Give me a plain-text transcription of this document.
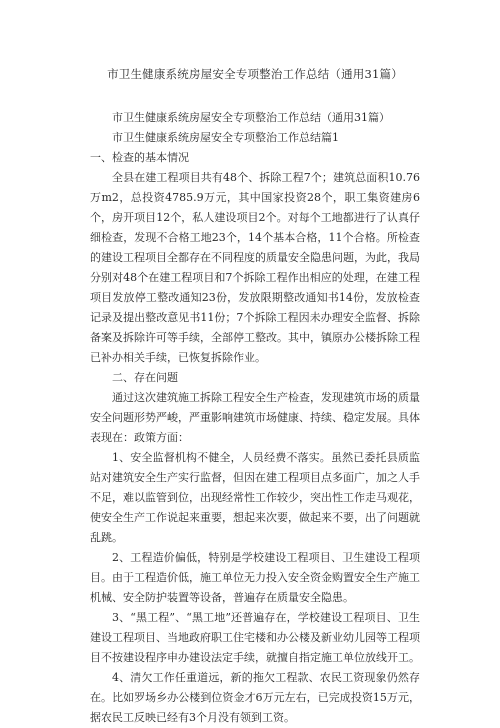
市卫生健康系统房屋安全专项整治工作总结（通用31篇）

市卫生健康系统房屋安全专项整治工作总结（通用31篇）

市卫生健康系统房屋安全专项整治工作总结篇1

一、检查的基本情况

全县在建工程项目共有48个、拆除工程7个；建筑总面积10.76万m2，总投资4785.9万元，其中国家投资28个，职工集资建房6个，房开项目12个，私人建设项目2个。对每个工地都进行了认真仔细检查，发现不合格工地23个，14个基本合格，11个合格。所检查的建设工程项目全都存在不同程度的质量安全隐患问题，为此，我局分别对48个在建工程项目和7个拆除工程作出相应的处理，在建工程项目发放停工整改通知23份，发放限期整改通知书14份，发放检查记录及提出整改意见书11份；7个拆除工程因未办理安全监督、拆除备案及拆除许可等手续，全部停工整改。其中，镇原办公楼拆除工程已补办相关手续，已恢复拆除作业。

二、存在问题

通过这次建筑施工拆除工程安全生产检查，发现建筑市场的质量安全问题形势严峻，严重影响建筑市场健康、持续、稳定发展。具体表现在：政策方面：

1、安全监督机构不健全，人员经费不落实。虽然已委托县质监站对建筑安全生产实行监督，但因在建工程项目点多面广，加之人手不足，难以监管到位，出现经常性工作较少，突出性工作走马观花，使安全生产工作说起来重要，想起来次要，做起来不要，出了问题就乱跳。

2、工程造价偏低，特别是学校建设工程项目、卫生建设工程项目。由于工程造价低，施工单位无力投入安全资金购置安全生产施工机械、安全防护装置等设备，普遍存在质量安全隐患。

3、“黑工程”、“黑工地”还普遍存在，学校建设工程项目、卫生建设工程项目、当地政府职工住宅楼和办公楼及新业幼儿园等工程项目不按建设程序申办建设法定手续，就擅自指定施工单位放线开工。

4、清欠工作任重道远，新的拖欠工程款、农民工资现象仍然存在。比如罗场乡办公楼到位资金才6万元左右，已完成投资15万元，据农民工反映已经有3个月没有领到工资。
